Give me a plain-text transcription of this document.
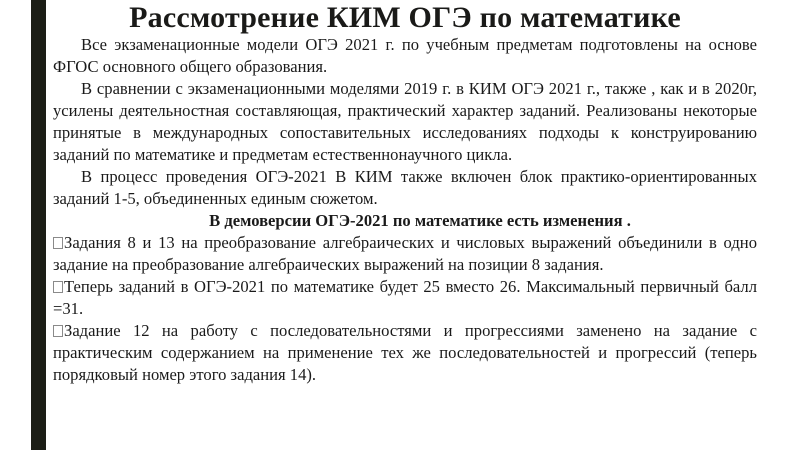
Рассмотрение КИМ ОГЭ по математике

Все экзаменационные модели ОГЭ 2021 г. по учебным предметам подготовлены на основе ФГОС основного общего образования.

В сравнении с экзаменационными моделями 2019 г. в КИМ ОГЭ 2021 г., также , как и в 2020г, усилены деятельностная составляющая, практический характер заданий. Реализованы некоторые принятые в международных сопоставительных исследованиях подходы к конструированию заданий по математике и предметам естественнонаучного цикла.

В процесс проведения ОГЭ-2021 В КИМ также включен блок практико-ориентированных заданий 1-5, объединенных единым сюжетом.

В демоверсии ОГЭ-2021 по математике есть изменения .

Задания 8 и 13 на преобразование алгебраических и числовых выражений объединили в одно задание на преобразование алгебраических выражений на позиции 8 задания.

Теперь заданий в ОГЭ-2021 по математике будет 25 вместо 26. Максимальный первичный балл =31.

Задание 12 на работу с последовательностями и прогрессиями заменено на задание с практическим содержанием на применение тех же последовательностей и прогрессий (теперь порядковый номер этого задания 14).
